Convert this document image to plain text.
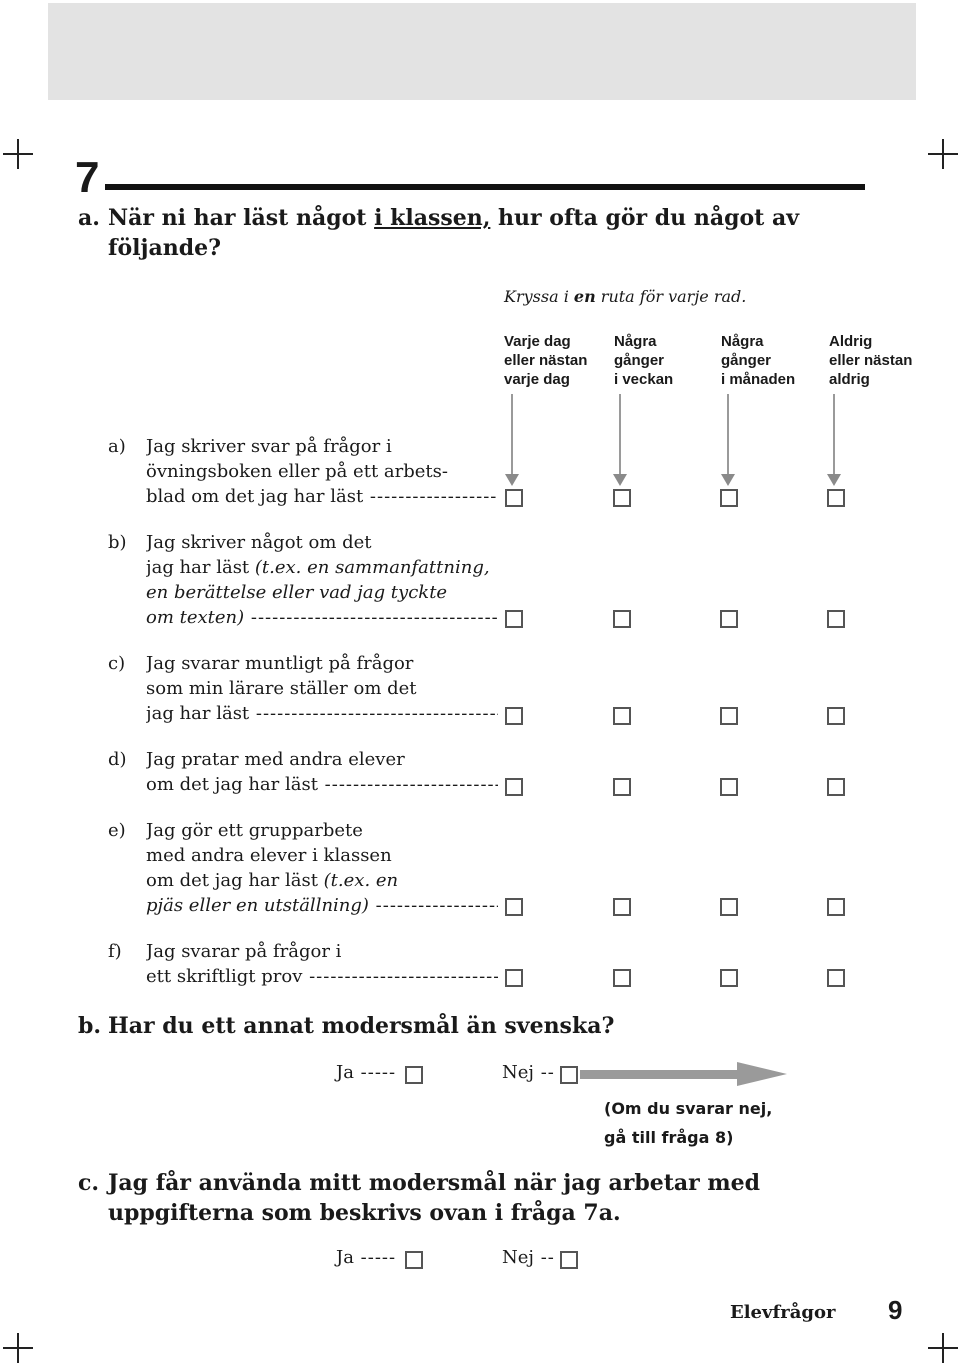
7
a. När ni har läst något i klassen, hur ofta gör du något av
följande?
Kryssa i en ruta för varje rad.
Varje dag
eller nästan
varje dag
Några
gånger
i veckan
Några
gånger
i månaden
Aldrig
eller nästan
aldrig
a) Jag skriver svar på frågor i
övningsboken eller på ett arbets-
blad om det jag har läst -----
b) Jag skriver något om det
jag har läst (t.ex. en sammanfattning,
en berättelse eller vad jag tyckte
om texten) -----
c) Jag svarar muntligt på frågor
som min lärare ställer om det
jag har läst -----
d) Jag pratar med andra elever
om det jag har läst -----
e) Jag gör ett grupparbete
med andra elever i klassen
om det jag har läst (t.ex. en
pjäs eller en utställning) -----
f) Jag svarar på frågor i
ett skriftligt prov -----
b. Har du ett annat modersmål än svenska?
Ja -----	Nej --
(Om du svarar nej,
gå till fråga 8)
c. Jag får använda mitt modersmål när jag arbetar med
uppgifterna som beskrivs ovan i fråga 7a.
Ja -----	Nej --
Elevfrågor 9
